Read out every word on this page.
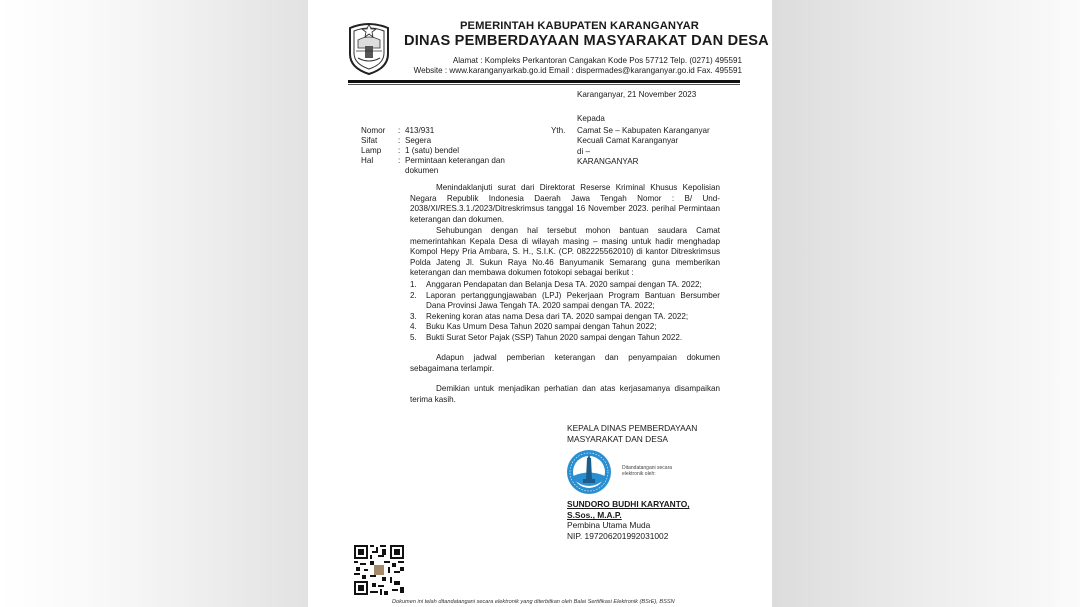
PEMERINTAH KABUPATEN KARANGANYAR
DINAS PEMBERDAYAAN MASYARAKAT DAN DESA
Alamat : Kompleks Perkantoran Cangakan Kode Pos 57712 Telp. (0271) 495591
Website : www.karanganyarkab.go.id Email : dispermades@karanganyar.go.id Fax. 495591
Karanganyar, 21 November 2023
Nomor : 413/931
Sifat	: Segera
Lamp : 1 (satu) bendel
Hal	: Permintaan keterangan dan
dokumen
Kepada
Yth. Camat Se – Kabupaten Karanganyar
Kecuali Camat Karanganyar
di –
KARANGANYAR

Menindaklanjuti surat dari Direktorat Reserse Kriminal Khusus Kepolisian Negara Republik Indonesia Daerah Jawa Tengah Nomor : B/ Und-2038/XI/RES.3.1./2023/Ditreskrimsus tanggal 16 November 2023. perihal Permintaan keterangan dan dokumen.

Sehubungan dengan hal tersebut mohon bantuan saudara Camat memerintahkan Kepala Desa di wilayah masing – masing untuk hadir menghadap Kompol Hepy Pria Ambara, S. H., S.I.K. (CP. 082225562010) di kantor Ditreskrimsus Polda Jateng Jl. Sukun Raya No.46 Banyumanik Semarang guna memberikan keterangan dan membawa dokumen fotokopi sebagai berikut :

1. Anggaran Pendapatan dan Belanja Desa TA. 2020 sampai dengan TA. 2022;
2. Laporan pertanggungjawaban (LPJ) Pekerjaan Program Bantuan Bersumber Dana Provinsi Jawa Tengah TA. 2020 sampai dengan TA. 2022;
3. Rekening koran atas nama Desa dari TA. 2020 sampai dengan TA. 2022;
4. Buku Kas Umum Desa Tahun 2020 sampai dengan Tahun 2022;
5. Bukti Surat Setor Pajak (SSP) Tahun 2020 sampai dengan Tahun 2022.

Adapun jadwal pemberian keterangan dan penyampaian dokumen sebagaimana terlampir.

Demikian untuk menjadikan perhatian dan atas kerjasamanya disampaikan terima kasih.

KEPALA DINAS PEMBERDAYAAN
MASYARAKAT DAN DESA
Ditandatangani secara
elektronik oleh:
SUNDORO BUDHI KARYANTO,
S.Sos., M.A.P.
Pembina Utama Muda
NIP. 197206201992031002
Dokumen ini telah ditandatangani secara elektronik yang diterbitkan oleh Balai Sertifikasi Elektronik (BSrE), BSSN
